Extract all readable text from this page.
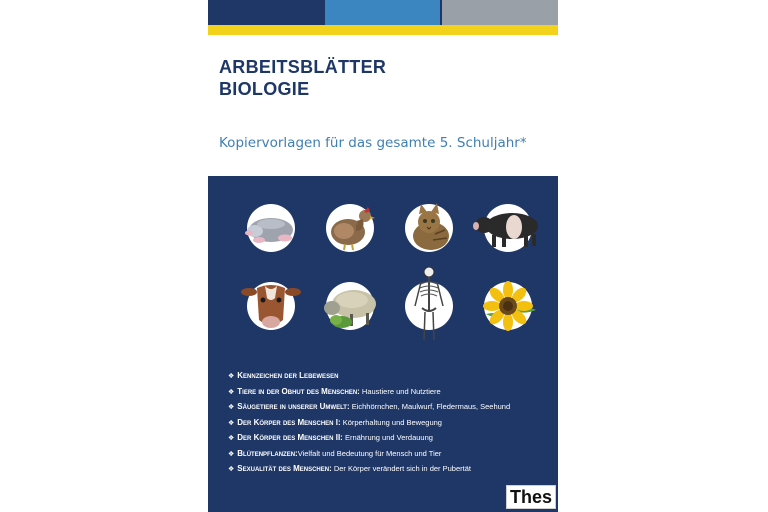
ARBEITSBLÄTTER
BIOLOGIE

Kopiervorlagen für das gesamte 5. Schuljahr*

❖ Kennzeichen der Lebewesen
❖ Tiere in der Obhut des Menschen: Haustiere und Nutztiere
❖ Säugetiere in unserer Umwelt: Eichhörnchen, Maulwurf, Fledermaus, Seehund
❖ Der Körper des Menschen I: Körperhaltung und Bewegung
❖ Der Körper des Menschen II: Ernährung und Verdauung
❖ Blütenpflanzen:Vielfalt und Bedeutung für Mensch und Tier
❖ Sexualität des Menschen: Der Körper verändert sich in der Pubertät
Thes
